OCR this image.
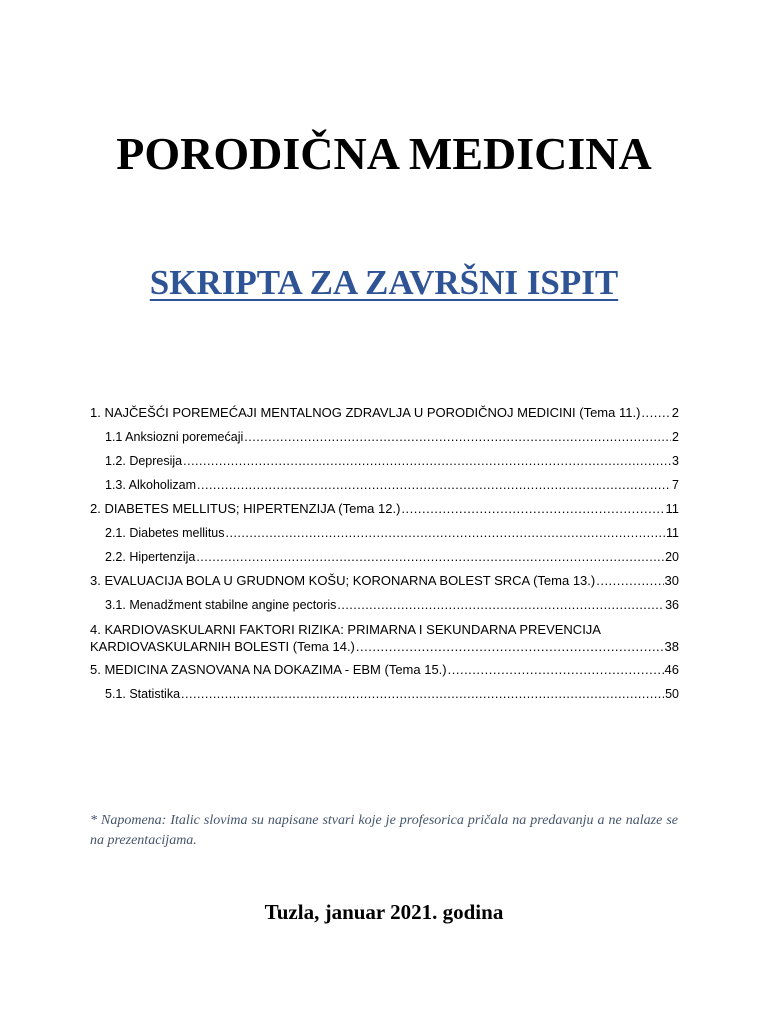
PORODIČNA MEDICINA
SKRIPTA ZA ZAVRŠNI ISPIT
1. NAJČEŠĆI POREMEĆAJI MENTALNOG ZDRAVLJA U PORODIČNOJ MEDICINI (Tema 11.) ..... 2
1.1 Anksiozni poremećaji .....	2
1.2. Depresija .....	3
1.3. Alkoholizam .....	7
2. DIABETES MELLITUS; HIPERTENZIJA (Tema 12.) .....	11
2.1. Diabetes mellitus .....	11
2.2. Hipertenzija .....	20
3. EVALUACIJA BOLA U GRUDNOM KOŠU; KORONARNA BOLEST SRCA (Tema 13.) .....	30
3.1. Menadžment stabilne angine pectoris .....	36
4. KARDIOVASKULARNI FAKTORI RIZIKA: PRIMARNA I SEKUNDARNA PREVENCIJA
KARDIOVASKULARNIH BOLESTI (Tema 14.) .....	38
5. MEDICINA ZASNOVANA NA DOKAZIMA - EBM (Tema 15.) .....	46
5.1. Statistika .....	50
* Napomena: Italic slovima su napisane stvari koje je profesorica pričala na predavanju a ne nalaze se na prezentacijama.
Tuzla, januar 2021. godina
